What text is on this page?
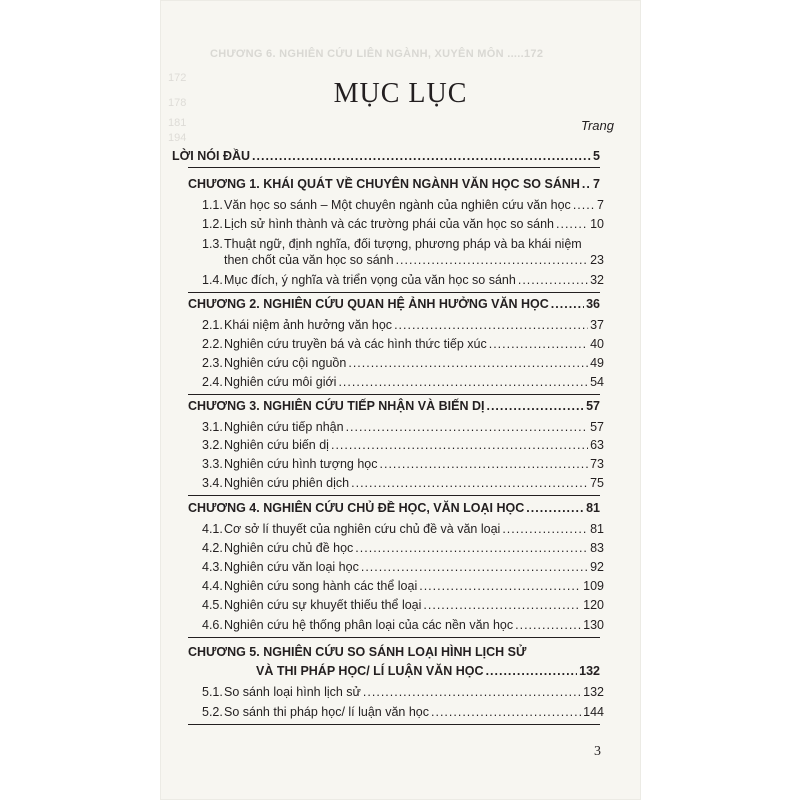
CHƯƠNG 6. NGHIÊN CỨU LIÊN NGÀNH, XUYÊN MÔN .....172
172
178
181
194
MỤC LỤC
Trang
LỜI NÓI ĐẦU .....	5
CHƯƠNG 1. KHÁI QUÁT VỀ CHUYÊN NGÀNH VĂN HỌC SO SÁNH ..... 7
1.1. Văn học so sánh – Một chuyên ngành của nghiên cứu văn học ..... 7
1.2. Lịch sử hình thành và các trường phái của văn học so sánh .....	10
1.3.Thuật ngữ, định nghĩa, đối tượng, phương pháp và ba khái niệm
then chốt của văn học so sánh .....	23
1.4. Mục đích, ý nghĩa và triển vọng của văn học so sánh .....	32
CHƯƠNG 2. NGHIÊN CỨU QUAN HỆ ẢNH HƯỞNG VĂN HỌC .....	36
2.1. Khái niệm ảnh hưởng văn học .....	37
2.2. Nghiên cứu truyền bá và các hình thức tiếp xúc .....	40
2.3. Nghiên cứu cội nguồn .....	49
2.4. Nghiên cứu môi giới .....	54
CHƯƠNG 3. NGHIÊN CỨU TIẾP NHẬN VÀ BIẾN DỊ .....	57
3.1. Nghiên cứu tiếp nhận .....	57
3.2. Nghiên cứu biến dị .....	63
3.3. Nghiên cứu hình tượng học .....	73
3.4. Nghiên cứu phiên dịch .....	75
CHƯƠNG 4. NGHIÊN CỨU CHỦ ĐỀ HỌC, VĂN LOẠI HỌC .....	81
4.1. Cơ sở lí thuyết của nghiên cứu chủ đề và văn loại .....	81
4.2. Nghiên cứu chủ đề học .....	83
4.3. Nghiên cứu văn loại học .....	92
4.4. Nghiên cứu song hành các thể loại .....	109
4.5. Nghiên cứu sự khuyết thiếu thể loại .....	120
4.6. Nghiên cứu hệ thống phân loại của các nền văn học .....	130
CHƯƠNG 5. NGHIÊN CỨU SO SÁNH LOẠI HÌNH LỊCH SỬ
VÀ THI PHÁP HỌC/ LÍ LUẬN VĂN HỌC .....	132
5.1. So sánh loại hình lịch sử .....	132
5.2. So sánh thi pháp học/ lí luận văn học .....	144
3
